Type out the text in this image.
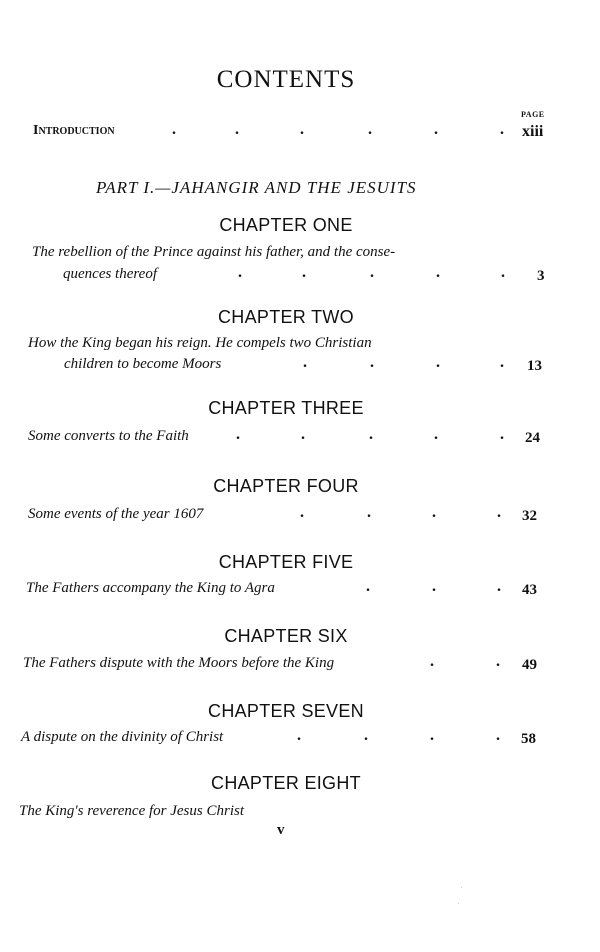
CONTENTS
PAGE
Introduction	.	.	.	.	.	. xiii
PART I.—JAHANGIR AND THE JESUITS
CHAPTER ONE
The rebellion of the Prince against his father, and the conse-
quences thereof	.	.	.	.	. 3
CHAPTER TWO
How the King began his reign. He compels two Christian
children to become Moors	.	.	.	. 13
CHAPTER THREE
Some converts to the Faith	.	.	.	.	. 24
CHAPTER FOUR
Some events of the year 1607	.	.	.	. 32
CHAPTER FIVE
The Fathers accompany the King to Agra	.	.	. 43
CHAPTER SIX
The Fathers dispute with the Moors before the King	.	. 49
CHAPTER SEVEN
A dispute on the divinity of Christ	.	.	.	. 58
CHAPTER EIGHT
The King's reverence for Jesus Christ
v
